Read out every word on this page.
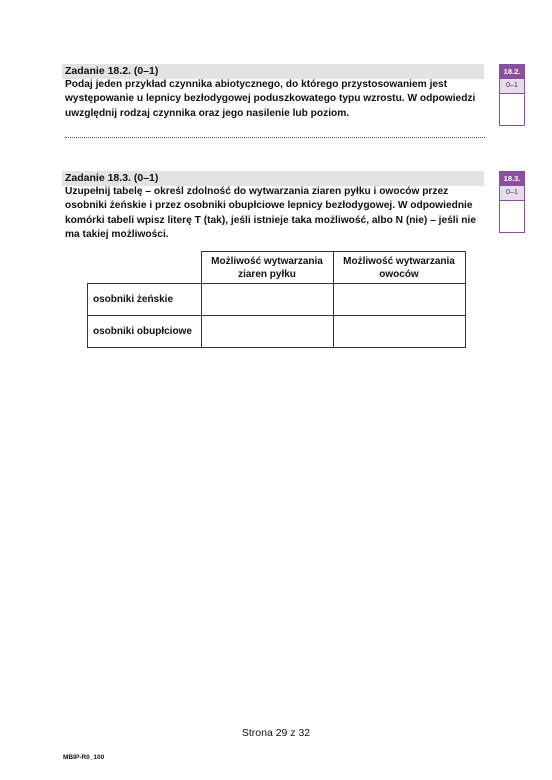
Zadanie 18.2. (0–1)
Podaj jeden przykład czynnika abiotycznego, do którego przystosowaniem jest występowanie u lepnicy bezłodygowej poduszkowatego typu wzrostu. W odpowiedzi uwzględnij rodzaj czynnika oraz jego nasilenie lub poziom.
18.2.
0–1
Zadanie 18.3. (0–1)
Uzupełnij tabelę – określ zdolność do wytwarzania ziaren pyłku i owoców przez osobniki żeńskie i przez osobniki obupłciowe lepnicy bezłodygowej. W odpowiednie komórki tabeli wpisz literę T (tak), jeśli istnieje taka możliwość, albo N (nie) – jeśli nie ma takiej możliwości.
18.3.
0–1
	Możliwość wytwarzania ziaren pyłku	Możliwość wytwarzania owoców
osobniki żeńskie		
osobniki obupłciowe		
Strona 29 z 32
MBIP-R0_100
